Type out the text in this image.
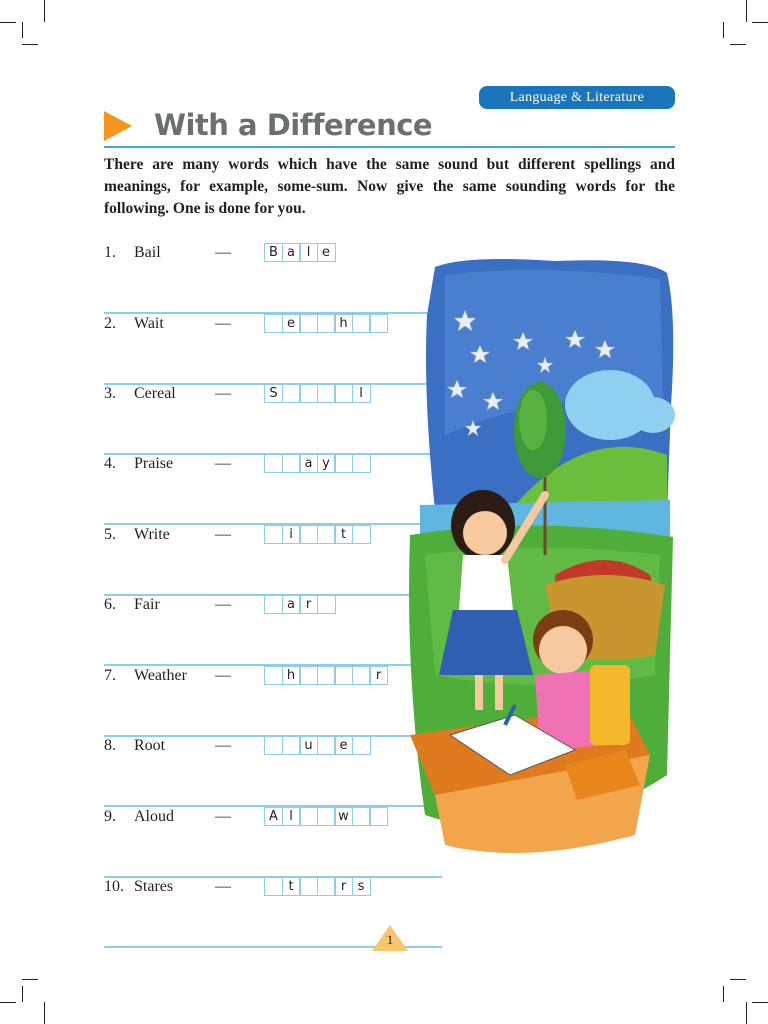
Language & Literature
With a Difference
There are many words which have the same sound but different spellings and meanings, for example, some-sum. Now give the same sounding words for the following. One is done for you.
1. Bail	—	B a l e
2. Wait	—	e	h
3. Cereal —	S	l
4. Praise	—	a y
5. Write	—	i	t
6. Fair	—	a r
7. Weather —	h	r
8. Root	—	u	e
9. Aloud	—	A l	w
10. Stares	—	t	r s
1
